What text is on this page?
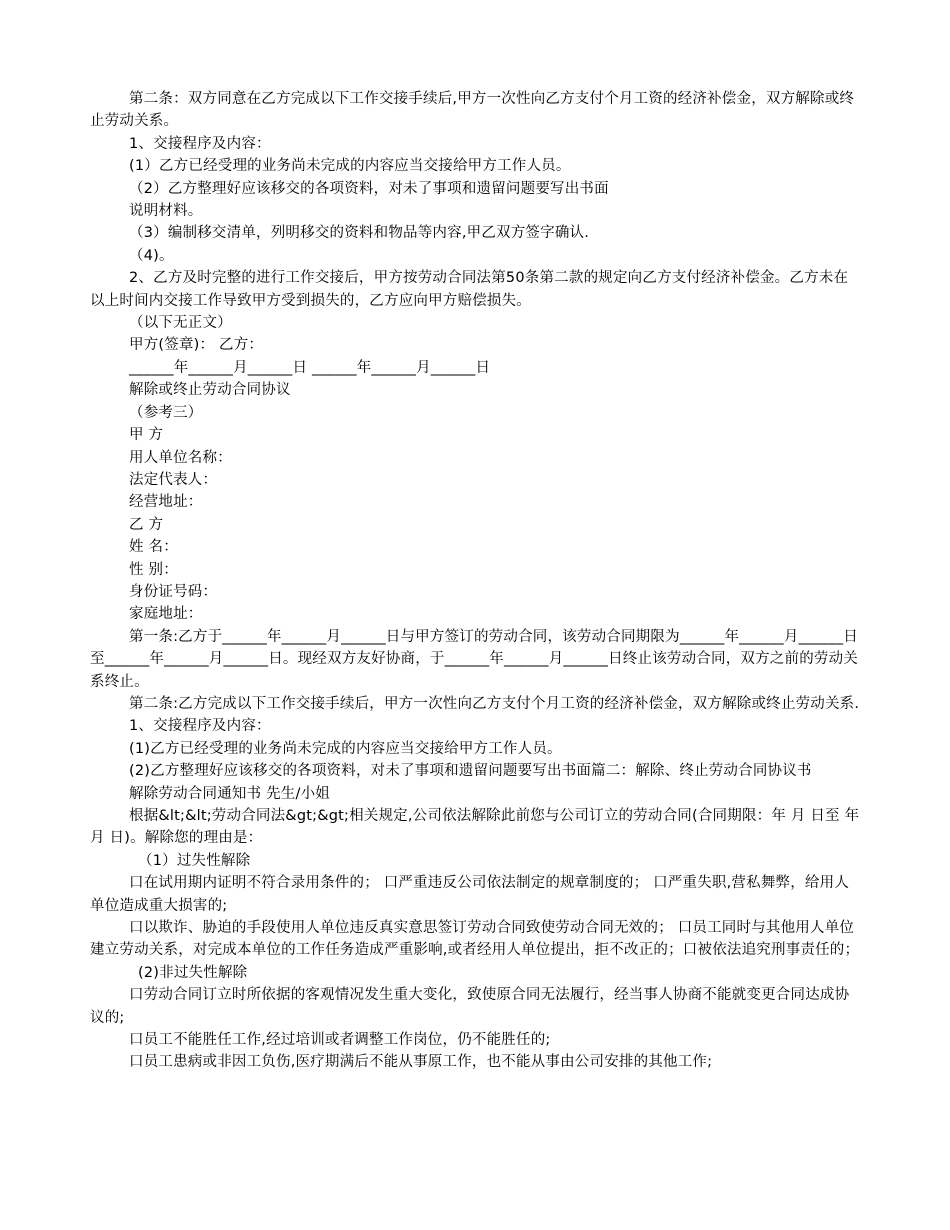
第二条：双方同意在乙方完成以下工作交接手续后,甲方一次性向乙方支付个月工资的经济补偿金，双方解除或终止劳动关系。

1、交接程序及内容：

(1）乙方已经受理的业务尚未完成的内容应当交接给甲方工作人员。

（2）乙方整理好应该移交的各项资料，对未了事项和遗留问题要写出书面

说明材料。

（3）编制移交清单，列明移交的资料和物品等内容,甲乙双方签字确认.

（4)。

2、乙方及时完整的进行工作交接后，甲方按劳动合同法第50条第二款的规定向乙方支付经济补偿金。乙方未在以上时间内交接工作导致甲方受到损失的，乙方应向甲方赔偿损失。

（以下无正文）

甲方(签章)： 乙方：

______年______月______日 ______年______月______日

解除或终止劳动合同协议

（参考三）

甲 方

用人单位名称：

法定代表人：

经营地址：

乙 方

姓 名：

性 别：

身份证号码：

家庭地址：

第一条:乙方于______年______月______日与甲方签订的劳动合同，该劳动合同期限为______年______月______日至______年______月______日。现经双方友好协商，于______年______月______日终止该劳动合同，双方之前的劳动关系终止。

第二条:乙方完成以下工作交接手续后，甲方一次性向乙方支付个月工资的经济补偿金，双方解除或终止劳动关系.

1、交接程序及内容：

(1)乙方已经受理的业务尚未完成的内容应当交接给甲方工作人员。

(2)乙方整理好应该移交的各项资料，对未了事项和遗留问题要写出书面篇二：解除、终止劳动合同协议书

解除劳动合同通知书 先生/小姐

根据&lt;&lt;劳动合同法&gt;&gt;相关规定,公司依法解除此前您与公司订立的劳动合同(合同期限：年 月 日至 年 月 日)。解除您的理由是：

（1）过失性解除

口在试用期内证明不符合录用条件的； 口严重违反公司依法制定的规章制度的； 口严重失职,营私舞弊，给用人单位造成重大损害的;

口以欺诈、胁迫的手段使用人单位违反真实意思签订劳动合同致使劳动合同无效的； 口员工同时与其他用人单位建立劳动关系，对完成本单位的工作任务造成严重影响,或者经用人单位提出，拒不改正的；口被依法追究刑事责任的；

(2)非过失性解除

口劳动合同订立时所依据的客观情况发生重大变化，致使原合同无法履行，经当事人协商不能就变更合同达成协议的;

口员工不能胜任工作,经过培训或者调整工作岗位，仍不能胜任的;

口员工患病或非因工负伤,医疗期满后不能从事原工作，也不能从事由公司安排的其他工作;
